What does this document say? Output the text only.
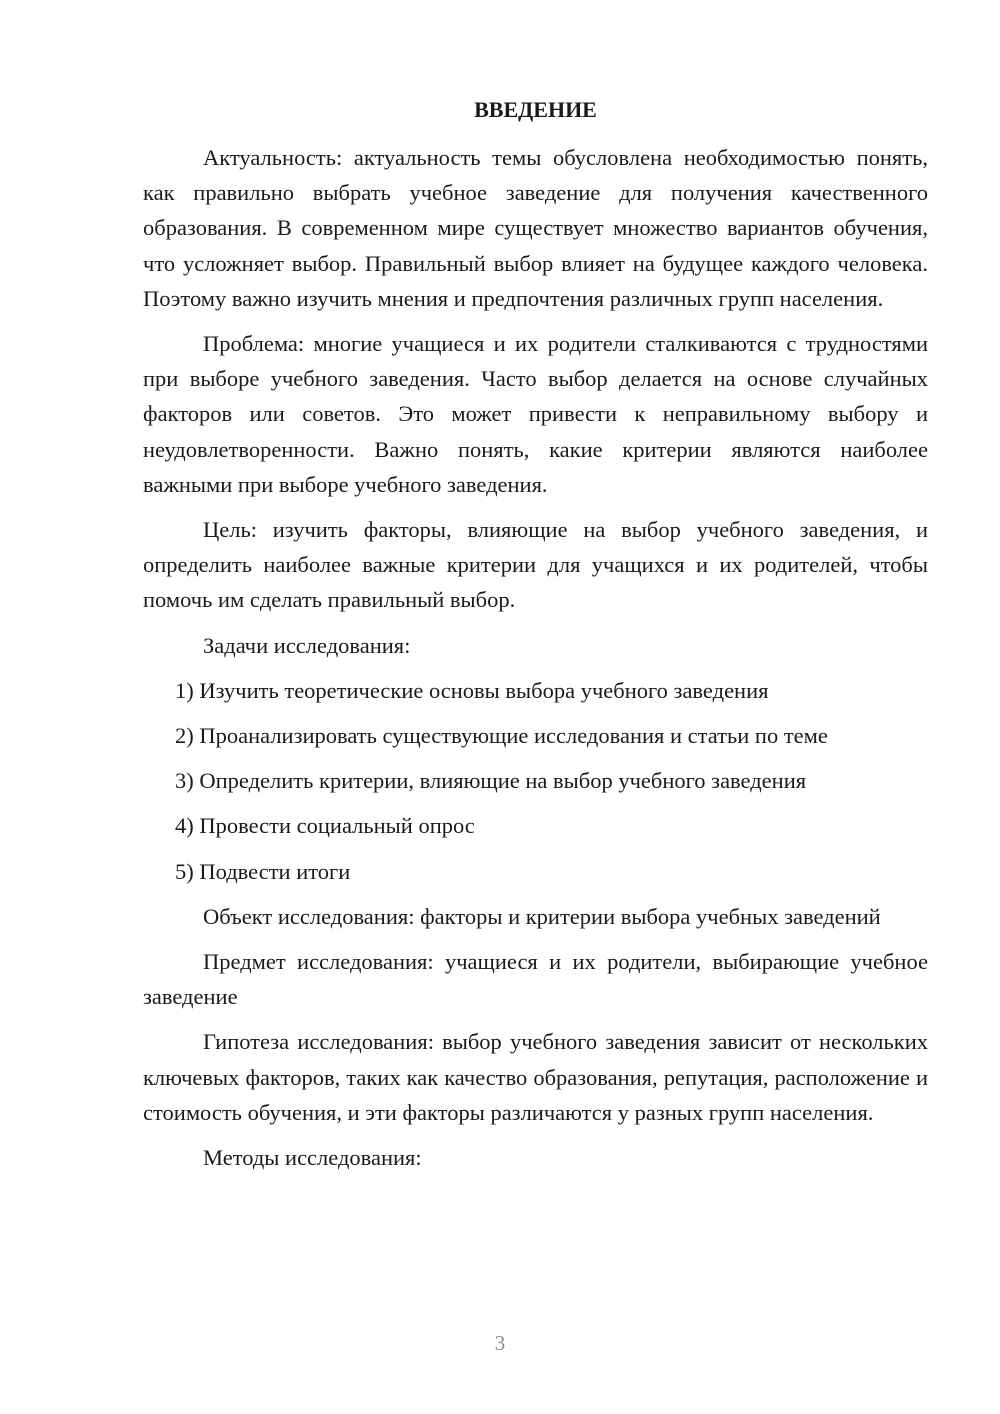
ВВЕДЕНИЕ

Актуальность: актуальность темы обусловлена необходимостью понять, как правильно выбрать учебное заведение для получения качественного образования. В современном мире существует множество вариантов обучения, что усложняет выбор. Правильный выбор влияет на будущее каждого человека. Поэтому важно изучить мнения и предпочтения различных групп населения.

Проблема: многие учащиеся и их родители сталкиваются с трудностями при выборе учебного заведения. Часто выбор делается на основе случайных факторов или советов. Это может привести к неправильному выбору и неудовлетворенности. Важно понять, какие критерии являются наиболее важными при выборе учебного заведения.

Цель: изучить факторы, влияющие на выбор учебного заведения, и определить наиболее важные критерии для учащихся и их родителей, чтобы помочь им сделать правильный выбор.

Задачи исследования:

1) Изучить теоретические основы выбора учебного заведения
2) Проанализировать существующие исследования и статьи по теме
3) Определить критерии, влияющие на выбор учебного заведения
4) Провести социальный опрос
5) Подвести итоги

Объект исследования: факторы и критерии выбора учебных заведений

Предмет исследования: учащиеся и их родители, выбирающие учебное заведение

Гипотеза исследования: выбор учебного заведения зависит от нескольких ключевых факторов, таких как качество образования, репутация, расположение и стоимость обучения, и эти факторы различаются у разных групп населения.

Методы исследования:

3
